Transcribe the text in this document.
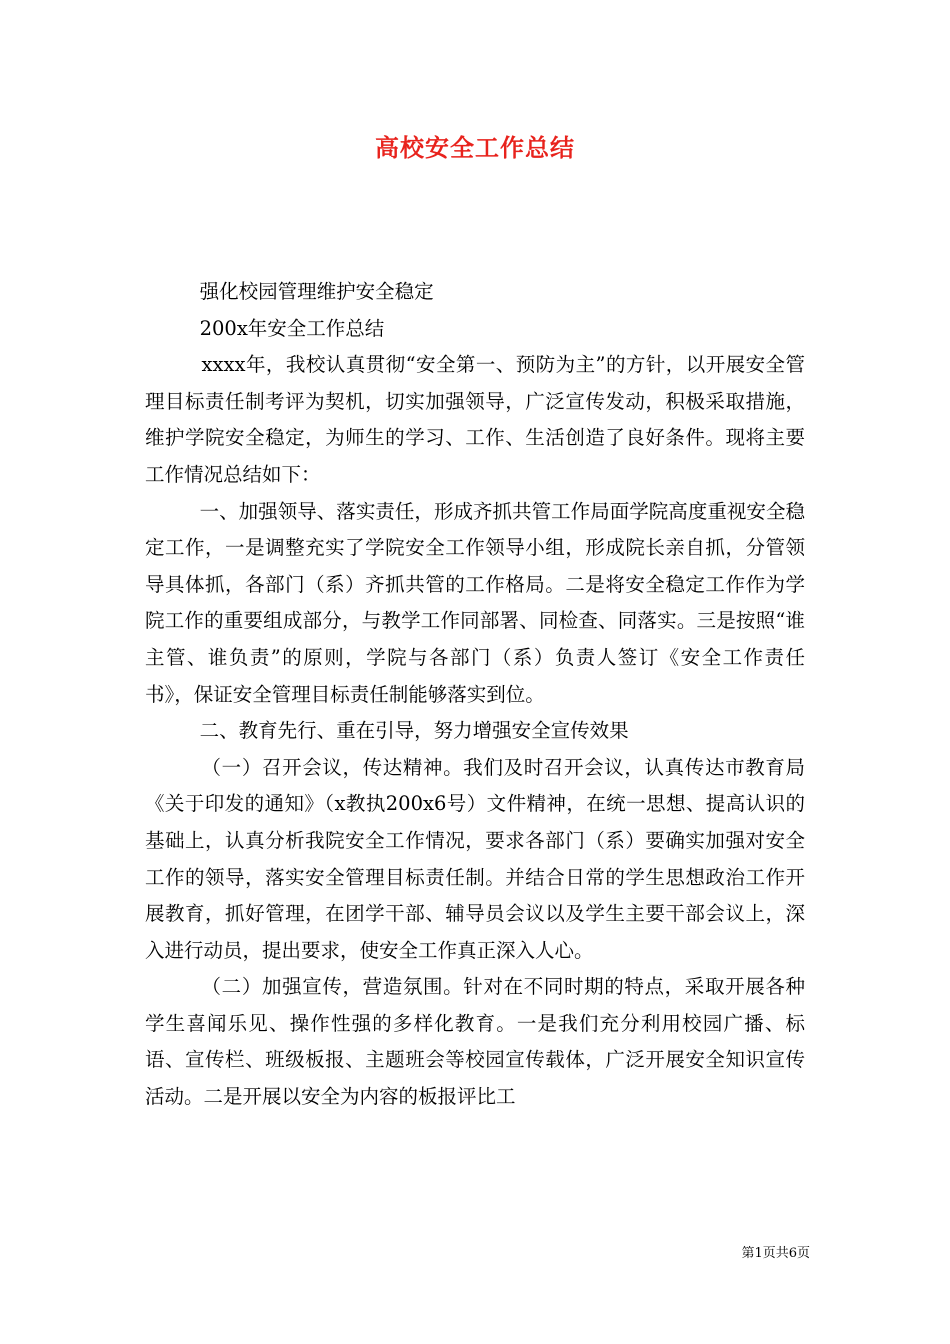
高校安全工作总结

强化校园管理维护安全稳定

200x年安全工作总结

xxxx年，我校认真贯彻“安全第一、预防为主”的方针，以开展安全管理目标责任制考评为契机，切实加强领导，广泛宣传发动，积极采取措施，维护学院安全稳定，为师生的学习、工作、生活创造了良好条件。现将主要工作情况总结如下：

一、加强领导、落实责任，形成齐抓共管工作局面学院高度重视安全稳定工作，一是调整充实了学院安全工作领导小组，形成院长亲自抓，分管领导具体抓，各部门（系）齐抓共管的工作格局。二是将安全稳定工作作为学院工作的重要组成部分，与教学工作同部署、同检查、同落实。三是按照“谁主管、谁负责”的原则，学院与各部门（系）负责人签订《安全工作责任书》，保证安全管理目标责任制能够落实到位。

二、教育先行、重在引导，努力增强安全宣传效果

（一）召开会议，传达精神。我们及时召开会议，认真传达市教育局《关于印发的通知》（x教执200x6号）文件精神，在统一思想、提高认识的基础上，认真分析我院安全工作情况，要求各部门（系）要确实加强对安全工作的领导，落实安全管理目标责任制。并结合日常的学生思想政治工作开展教育，抓好管理，在团学干部、辅导员会议以及学生主要干部会议上，深入进行动员，提出要求，使安全工作真正深入人心。

（二）加强宣传，营造氛围。针对在不同时期的特点，采取开展各种学生喜闻乐见、操作性强的多样化教育。一是我们充分利用校园广播、标语、宣传栏、班级板报、主题班会等校园宣传载体，广泛开展安全知识宣传活动。二是开展以安全为内容的板报评比工

第1页共6页
